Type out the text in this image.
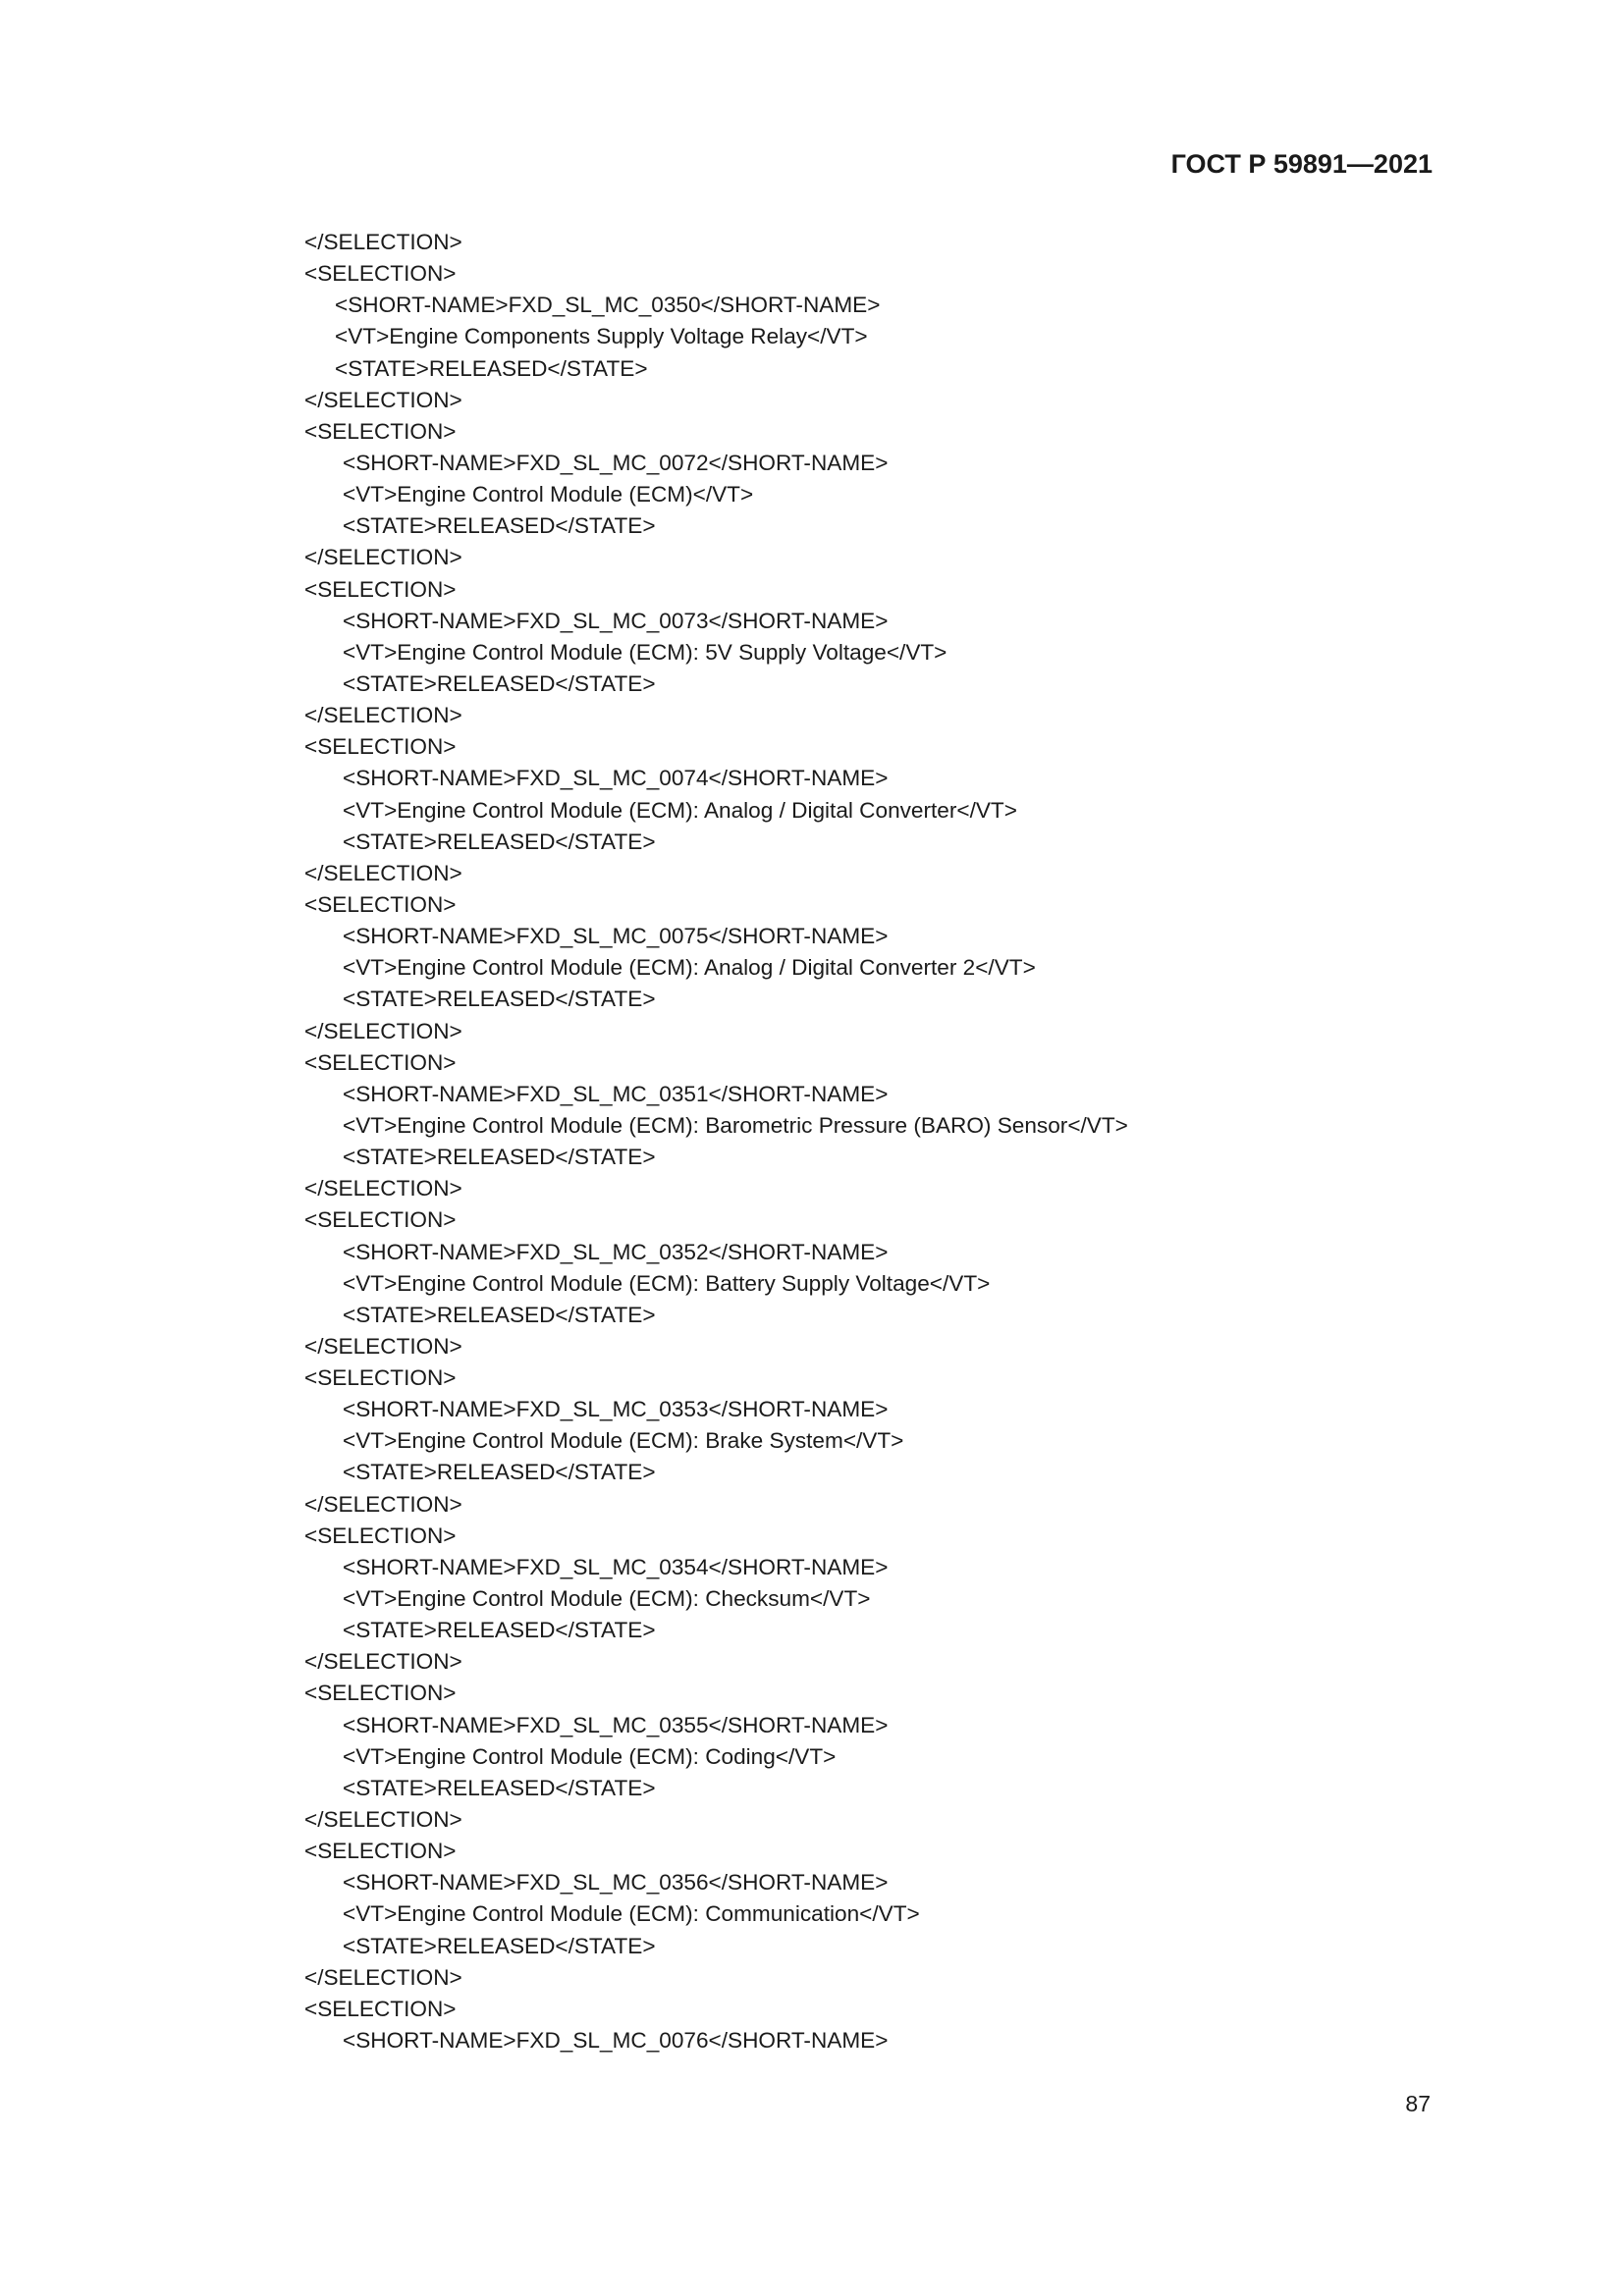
ГОСТ Р 59891—2021
</SELECTION>
<SELECTION>
<SHORT-NAME>FXD_SL_MC_0350</SHORT-NAME>
<VT>Engine Components Supply Voltage Relay</VT>
<STATE>RELEASED</STATE>
</SELECTION>
<SELECTION>
<SHORT-NAME>FXD_SL_MC_0072</SHORT-NAME>
<VT>Engine Control Module (ECM)</VT>
<STATE>RELEASED</STATE>
</SELECTION>
<SELECTION>
<SHORT-NAME>FXD_SL_MC_0073</SHORT-NAME>
<VT>Engine Control Module (ECM): 5V Supply Voltage</VT>
<STATE>RELEASED</STATE>
</SELECTION>
<SELECTION>
<SHORT-NAME>FXD_SL_MC_0074</SHORT-NAME>
<VT>Engine Control Module (ECM): Analog / Digital Converter</VT>
<STATE>RELEASED</STATE>
</SELECTION>
<SELECTION>
<SHORT-NAME>FXD_SL_MC_0075</SHORT-NAME>
<VT>Engine Control Module (ECM): Analog / Digital Converter 2</VT>
<STATE>RELEASED</STATE>
</SELECTION>
<SELECTION>
<SHORT-NAME>FXD_SL_MC_0351</SHORT-NAME>
<VT>Engine Control Module (ECM): Barometric Pressure (BARO) Sensor</VT>
<STATE>RELEASED</STATE>
</SELECTION>
<SELECTION>
<SHORT-NAME>FXD_SL_MC_0352</SHORT-NAME>
<VT>Engine Control Module (ECM): Battery Supply Voltage</VT>
<STATE>RELEASED</STATE>
</SELECTION>
<SELECTION>
<SHORT-NAME>FXD_SL_MC_0353</SHORT-NAME>
<VT>Engine Control Module (ECM): Brake System</VT>
<STATE>RELEASED</STATE>
</SELECTION>
<SELECTION>
<SHORT-NAME>FXD_SL_MC_0354</SHORT-NAME>
<VT>Engine Control Module (ECM): Checksum</VT>
<STATE>RELEASED</STATE>
</SELECTION>
<SELECTION>
<SHORT-NAME>FXD_SL_MC_0355</SHORT-NAME>
<VT>Engine Control Module (ECM): Coding</VT>
<STATE>RELEASED</STATE>
</SELECTION>
<SELECTION>
<SHORT-NAME>FXD_SL_MC_0356</SHORT-NAME>
<VT>Engine Control Module (ECM): Communication</VT>
<STATE>RELEASED</STATE>
</SELECTION>
<SELECTION>
<SHORT-NAME>FXD_SL_MC_0076</SHORT-NAME>
87
